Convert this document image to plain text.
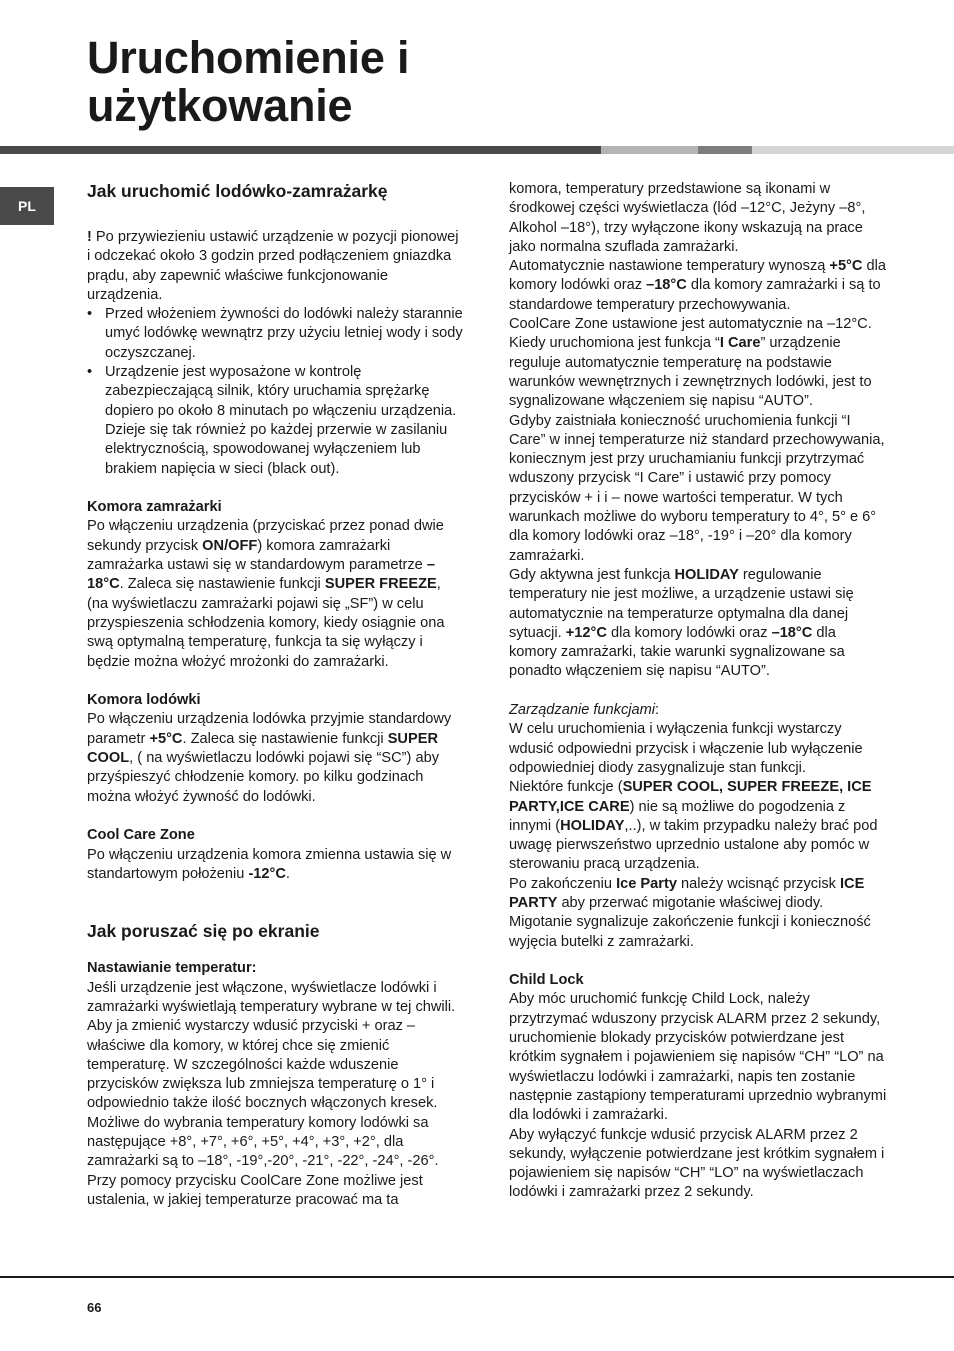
Uruchomienie i
użytkowanie
PL
Jak uruchomić lodówko-zamrażarkę

! Po przywiezieniu ustawić urządzenie w pozycji pionowej i odczekać około 3 godzin przed podłączeniem gniazdka prądu, aby zapewnić właściwe funkcjonowanie urządzenia.

• Przed włożeniem żywności do lodówki należy starannie umyć lodówkę wewnątrz przy użyciu letniej wody i sody oczyszczanej.
• Urządzenie jest wyposażone w kontrolę zabezpieczającą silnik, który uruchamia sprężarkę dopiero po około 8 minutach po włączeniu urządzenia. Dzieje się tak również po każdej przerwie w zasilaniu elektrycznością, spowodowanej wyłączeniem lub brakiem napięcia w sieci (black out).
Komora zamrażarki

Po włączeniu urządzenia (przyciskać przez ponad dwie sekundy przycisk ON/OFF) komora zamrażarki zamrażarka ustawi się w standardowym parametrze –18°C. Zaleca się nastawienie funkcji SUPER FREEZE, (na wyświetlaczu zamrażarki pojawi się „SF”) w celu przyspieszenia schłodzenia komory, kiedy osiągnie ona swą optymalną temperaturę, funkcja ta się wyłączy i będzie można włożyć mrożonki do zamrażarki.

Komora lodówki

Po włączeniu urządzenia lodówka przyjmie standardowy parametr +5°C. Zaleca się nastawienie funkcji SUPER COOL, ( na wyświetlaczu lodówki pojawi się “SC”) aby przyśpieszyć chłodzenie komory. po kilku godzinach można włożyć żywność do lodówki.

Cool Care Zone

Po włączeniu urządzenia komora zmienna ustawia się w standartowym położeniu -12°C.

Jak poruszać się po ekranie
Nastawianie temperatur:

Jeśli urządzenie jest włączone, wyświetlacze lodówki i zamrażarki wyświetlają temperatury wybrane w tej chwili. Aby ja zmienić wystarczy wdusić przyciski + oraz – właściwe dla komory, w której chce się zmienić temperaturę. W szczególności każde wduszenie przycisków zwiększa lub zmniejsza temperaturę o 1° i odpowiednio także ilość bocznych włączonych kresek. Możliwe do wybrania temperatury komory lodówki sa następujące +8°, +7°, +6°, +5°, +4°, +3°, +2°, dla zamrażarki są to –18°, -19°,-20°, -21°, -22°, -24°, -26°. Przy pomocy przycisku CoolCare Zone możliwe jest ustalenia, w jakiej temperaturze pracować ma ta

komora, temperatury przedstawione są ikonami w środkowej części wyświetlacza (lód –12°C, Jeżyny –8°, Alkohol –18°), trzy wyłączone ikony wskazują na prace jako normalna szuflada zamrażarki.

Automatycznie nastawione temperatury wynoszą +5°C dla komory lodówki oraz –18°C dla komory zamrażarki i są to standardowe temperatury przechowywania.

CoolCare Zone ustawione jest automatycznie na –12°C.

Kiedy uruchomiona jest funkcja “I Care” urządzenie reguluje automatycznie temperaturę na podstawie warunków wewnętrznych i zewnętrznych lodówki, jest to sygnalizowane włączeniem się napisu “AUTO”.

Gdyby zaistniała konieczność uruchomienia funkcji “I Care” w innej temperaturze niż standard przechowywania, koniecznym jest przy uruchamianiu funkcji przytrzymać wduszony przycisk “I Care” i ustawić przy pomocy przycisków + i i – nowe wartości temperatur. W tych warunkach możliwe do wyboru temperatury to 4°, 5° e 6° dla komory lodówki oraz –18°, -19° i –20° dla komory zamrażarki.

Gdy aktywna jest funkcja HOLIDAY regulowanie temperatury nie jest możliwe, a urządzenie ustawi się automatycznie na temperaturze optymalna dla danej sytuacji. +12°C dla komory lodówki oraz –18°C dla komory zamrażarki, takie warunki sygnalizowane sa ponadto włączeniem się napisu “AUTO”.

Zarządzanie funkcjami:

W celu uruchomienia i wyłączenia funkcji wystarczy wdusić odpowiedni przycisk i włączenie lub wyłączenie odpowiedniej diody zasygnalizuje stan funkcji.

Niektóre funkcje (SUPER COOL, SUPER FREEZE, ICE PARTY,ICE CARE) nie są możliwe do pogodzenia z innymi (HOLIDAY,..), w takim przypadku należy brać pod uwagę pierwszeństwo uprzednio ustalone aby pomóc w sterowaniu pracą urządzenia.

Po zakończeniu Ice Party należy wcisnąć przycisk ICE PARTY aby przerwać migotanie właściwej diody.

Migotanie sygnalizuje zakończenie funkcji i konieczność wyjęcia butelki z zamrażarki.

Child Lock

Aby móc uruchomić funkcję Child Lock, należy przytrzymać wduszony przycisk ALARM przez 2 sekundy, uruchomienie blokady przycisków potwierdzane jest krótkim sygnałem i pojawieniem się napisów “CH” “LO” na wyświetlaczu lodówki i zamrażarki, napis ten zostanie następnie zastąpiony temperaturami uprzednio wybranymi dla lodówki i zamrażarki.

Aby wyłączyć funkcje wdusić przycisk ALARM przez 2 sekundy, wyłączenie potwierdzane jest krótkim sygnałem i pojawieniem się napisów “CH” “LO” na wyświetlaczach lodówki i zamrażarki przez 2 sekundy.

66
